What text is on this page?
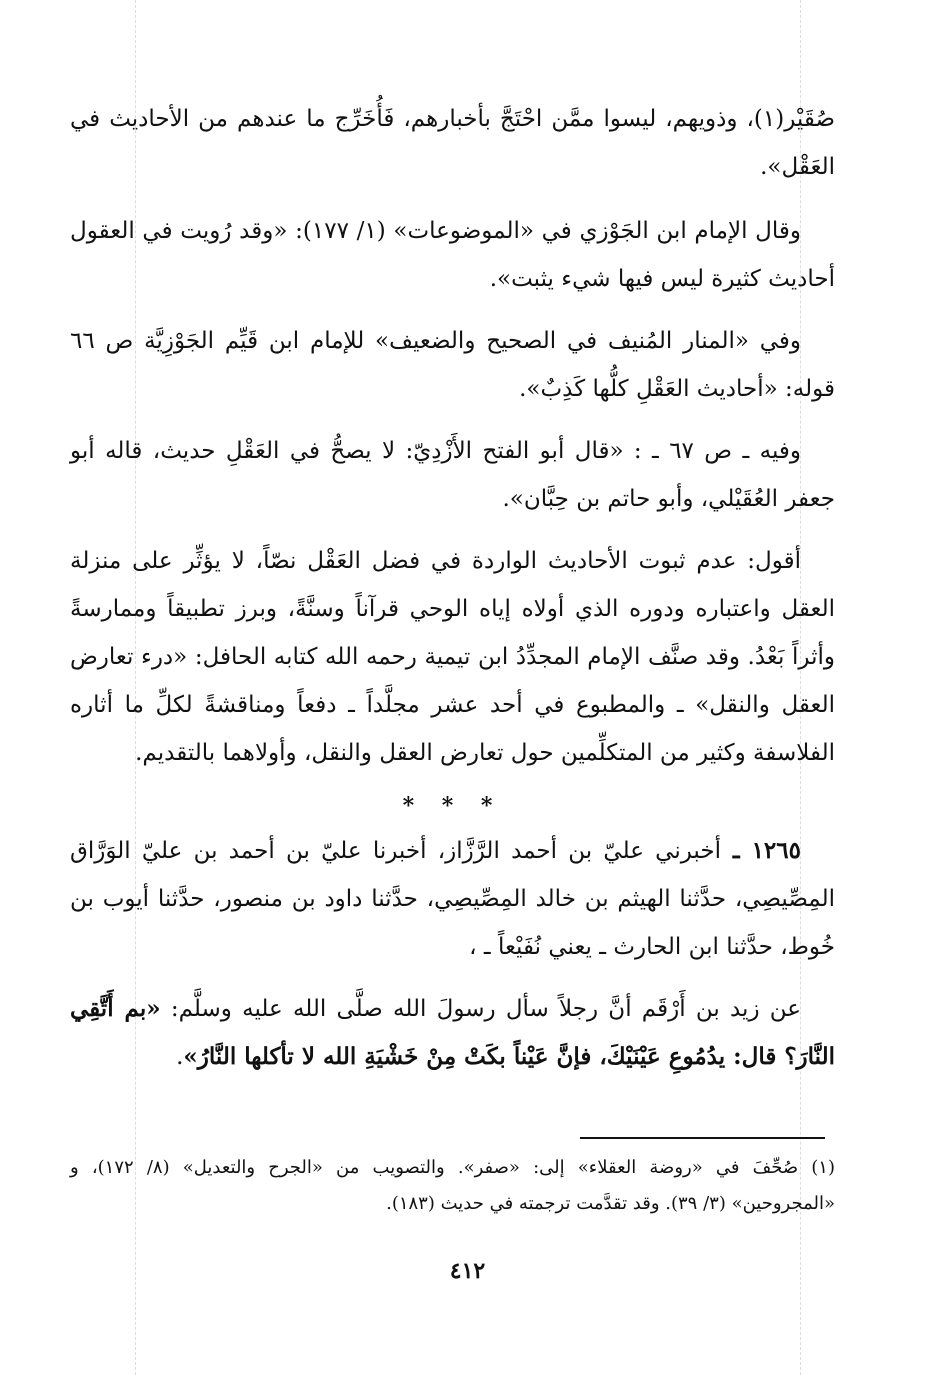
صُقَيْر(١)، وذويهم، ليسوا ممَّن احْتَجَّ بأخبارهم، فَأُخَرِّج ما عندهم من الأحاديث في العَقْل».

وقال الإمام ابن الجَوْزي في «الموضوعات» (١/ ١٧٧): «وقد رُويت في العقول أحاديث كثيرة ليس فيها شيء يثبت».

وفي «المنار المُنيف في الصحيح والضعيف» للإمام ابن قَيِّم الجَوْزِيَّة ص ٦٦ قوله: «أحاديث العَقْلِ كلُّها كَذِبٌ».

وفيه ـ ص ٦٧ ـ : «قال أبو الفتح الأَزْدِيّ: لا يصحُّ في العَقْلِ حديث، قاله أبو جعفر العُقَيْلي، وأبو حاتم بن حِبَّان».

أقول: عدم ثبوت الأحاديث الواردة في فضل العَقْل نصّاً، لا يؤثِّر على منزلة العقل واعتباره ودوره الذي أولاه إياه الوحي قرآناً وسنَّةً، وبرز تطبيقاً وممارسةً وأثراً بَعْدُ. وقد صنَّف الإمام المجدِّدُ ابن تيمية رحمه الله كتابه الحافل: «درء تعارض العقل والنقل» ـ والمطبوع في أحد عشر مجلَّداً ـ دفعاً ومناقشةً لكلِّ ما أثاره الفلاسفة وكثير من المتكلِّمين حول تعارض العقل والنقل، وأولاهما بالتقديم.

* * *

١٢٦٥ ـ أخبرني عليّ بن أحمد الرَّزَّاز، أخبرنا عليّ بن أحمد بن عليّ الوَرَّاق المِصِّيصِي، حدَّثنا الهيثم بن خالد المِصِّيصِي، حدَّثنا داود بن منصور، حدَّثنا أيوب بن خُوط، حدَّثنا ابن الحارث ـ يعني نُفَيْعاً ـ ،

عن زيد بن أَرْقَم أنَّ رجلاً سأل رسولَ الله صلَّى الله عليه وسلَّم: «بم أَتَّقِي النَّارَ؟ قال: يدُمُوعِ عَيْنَيْكَ، فإنَّ عَيْناً بكَتْ مِنْ خَشْيَةِ الله لا تأكلها النَّارُ».

(١) صُحِّفَ في «روضة العقلاء» إلى: «صفر». والتصويب من «الجرح والتعديل» (٨/ ١٧٢)، و «المجروحين» (٣/ ٣٩). وقد تقدَّمت ترجمته في حديث (١٨٣).
٤١٢
